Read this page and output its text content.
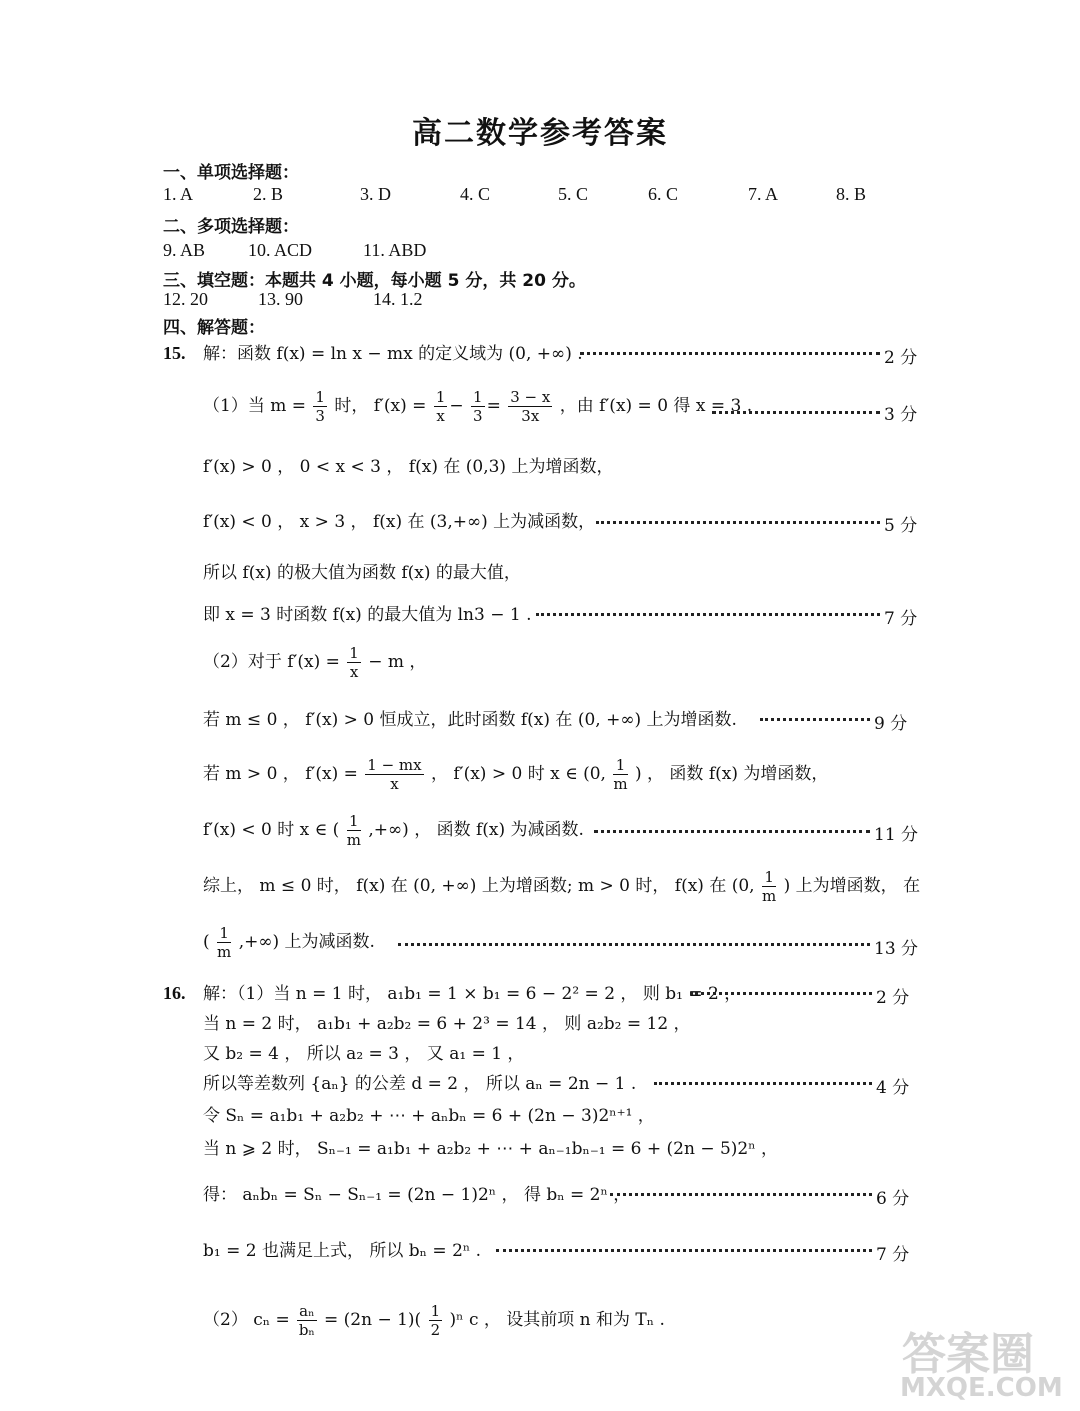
高二数学参考答案
一、单项选择题：
1. A	2. B	3. D	4. C	5. C	6. C	7. A	8. B
二、多项选择题：
9. AB 10. ACD	11. ABD
三、填空题：本题共 4 小题，每小题 5 分，共 20 分。
12. 20	13. 90	14. 1.2
四、解答题：
15. 解：函数 f(x) = ln x − mx 的定义域为 (0, +∞) .	2 分
（1）当 $m = \frac{1}{3}$ 时， $f'(x) = \frac{1}{x} - \frac{1}{3} = \frac{3 - x}{3x}$ ，由 f′(x) = 0 得 x = 3 .	3 分
f′(x) > 0 ， 0 < x < 3 ， f(x) 在 (0,3) 上为增函数，
f′(x) < 0 ， x > 3 ， f(x) 在 (3,+∞) 上为减函数，	5 分
所以 f(x) 的极大值为函数 f(x) 的最大值，
即 x = 3 时函数 f(x) 的最大值为 ln3 − 1 .	7 分
（2）对于 $f'(x) = \frac{1}{x} - m$ ，
若 m ≤ 0 ， f′(x) > 0 恒成立，此时函数 f(x) 在 (0, +∞) 上为增函数.	9 分
若 m > 0 ， $f'(x) = \frac{1 - mx}{x}$ ， f′(x) > 0 时 x ∈ (0, $\frac{1}{m}$ ) ， 函数 f(x) 为增函数，
f′(x) < 0 时 x ∈ ( $\frac{1}{m}$ ,+∞) ， 函数 f(x) 为减函数.	11 分
综上， m ≤ 0 时， f(x) 在 (0, +∞) 上为增函数; m > 0 时， f(x) 在 (0, $\frac{1}{m}$ ) 上为增函数， 在
( $\frac{1}{m}$ ,+∞) 上为减函数.	13 分
16. 解：（1）当 n = 1 时， a₁b₁ = 1 × b₁ = 6 − 2² = 2 ， 则 b₁ = 2 ，	2 分
当 n = 2 时， a₁b₁ + a₂b₂ = 6 + 2³ = 14 ， 则 a₂b₂ = 12 ，
又 b₂ = 4 ， 所以 a₂ = 3 ， 又 a₁ = 1 ，
所以等差数列 {aₙ} 的公差 d = 2 ， 所以 aₙ = 2n − 1 .	4 分
令 Sₙ = a₁b₁ + a₂b₂ + ⋯ + aₙbₙ = 6 + (2n − 3)2ⁿ⁺¹ ，
当 n ⩾ 2 时， Sₙ₋₁ = a₁b₁ + a₂b₂ + ⋯ + aₙ₋₁bₙ₋₁ = 6 + (2n − 5)2ⁿ ，
得： aₙbₙ = Sₙ − Sₙ₋₁ = (2n − 1)2ⁿ ， 得 bₙ = 2ⁿ ，	6 分
b₁ = 2 也满足上式， 所以 bₙ = 2ⁿ .	7 分
（2） $c_n = \frac{\text{aₙ}}{\text{bₙ}} = (2n - 1)( \frac{1}{2} )^n$ c ， 设其前项 n 和为 Tₙ .
答案圈
MXQE.COM
